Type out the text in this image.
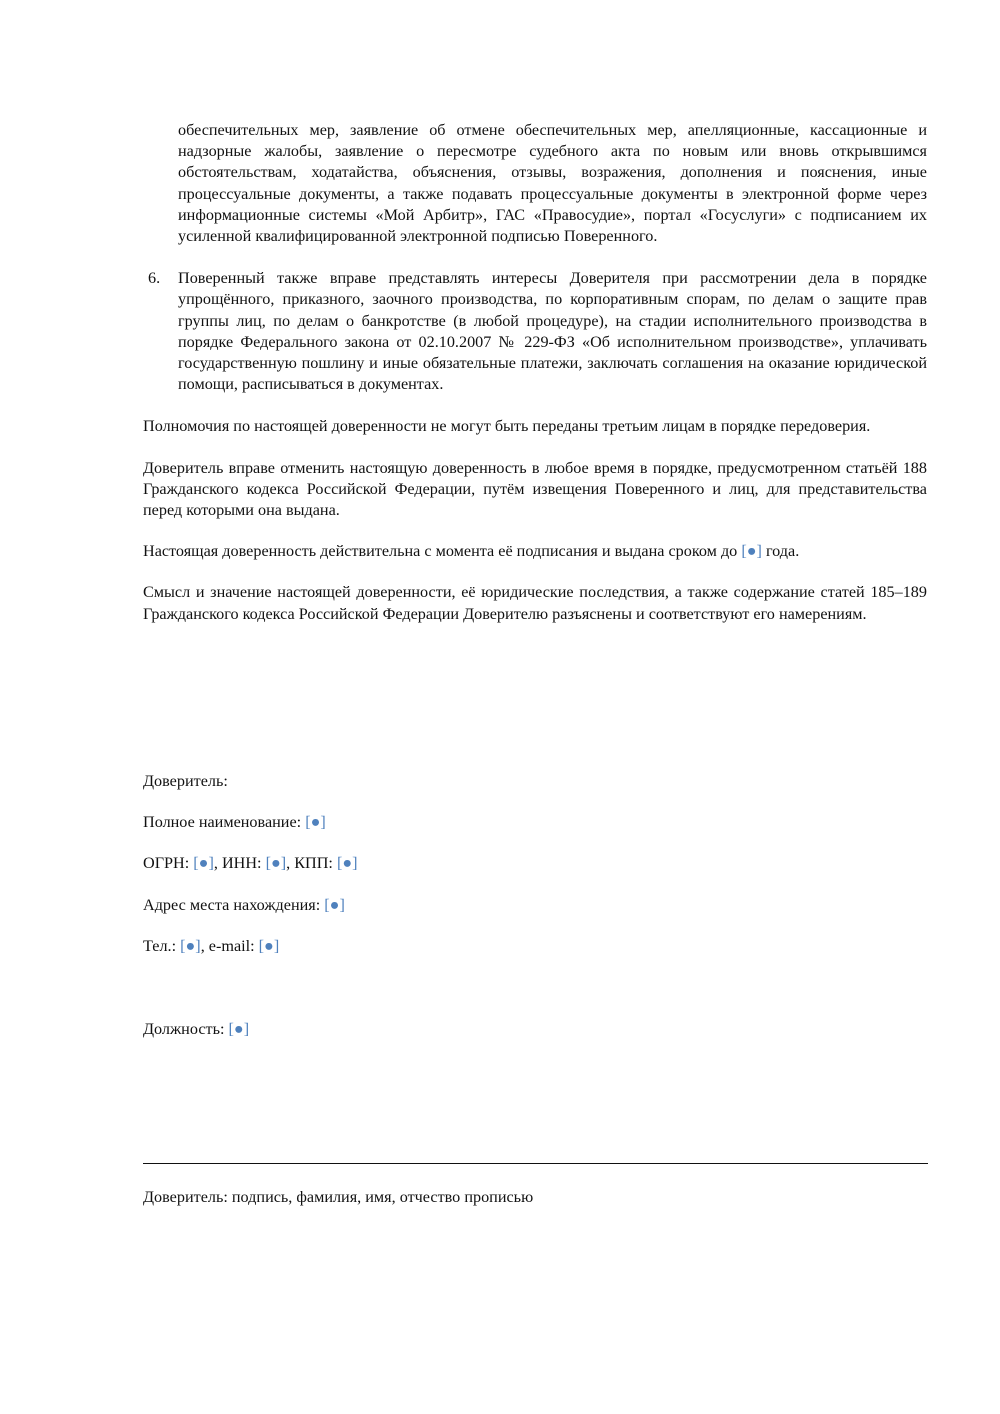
обеспечительных мер, заявление об отмене обеспечительных мер, апелляционные, кассационные и надзорные жалобы, заявление о пересмотре судебного акта по новым или вновь открывшимся обстоятельствам, ходатайства, объяснения, отзывы, возражения, дополнения и пояснения, иные процессуальные документы, а также подавать процессуальные документы в электронной форме через информационные системы «Мой Арбитр», ГАС «Правосудие», портал «Госуслуги» с подписанием их усиленной квалифицированной электронной подписью Поверенного.
6. Поверенный также вправе представлять интересы Доверителя при рассмотрении дела в порядке упрощённого, приказного, заочного производства, по корпоративным спорам, по делам о защите прав группы лиц, по делам о банкротстве (в любой процедуре), на стадии исполнительного производства в порядке Федерального закона от 02.10.2007 № 229-ФЗ «Об исполнительном производстве», уплачивать государственную пошлину и иные обязательные платежи, заключать соглашения на оказание юридической помощи, расписываться в документах.

Полномочия по настоящей доверенности не могут быть переданы третьим лицам в порядке передоверия.

Доверитель вправе отменить настоящую доверенность в любое время в порядке, предусмотренном статьёй 188 Гражданского кодекса Российской Федерации, путём извещения Поверенного и лиц, для представительства перед которыми она выдана.

Настоящая доверенность действительна с момента её подписания и выдана сроком до [●] года.

Смысл и значение настоящей доверенности, её юридические последствия, а также содержание статей 185–189 Гражданского кодекса Российской Федерации Доверителю разъяснены и соответствуют его намерениям.

Доверитель:
Полное наименование: [●]
ОГРН: [●], ИНН: [●], КПП: [●]
Адрес места нахождения: [●]
Тел.: [●], e-mail: [●]
Должность: [●]
Доверитель: подпись, фамилия, имя, отчество прописью
